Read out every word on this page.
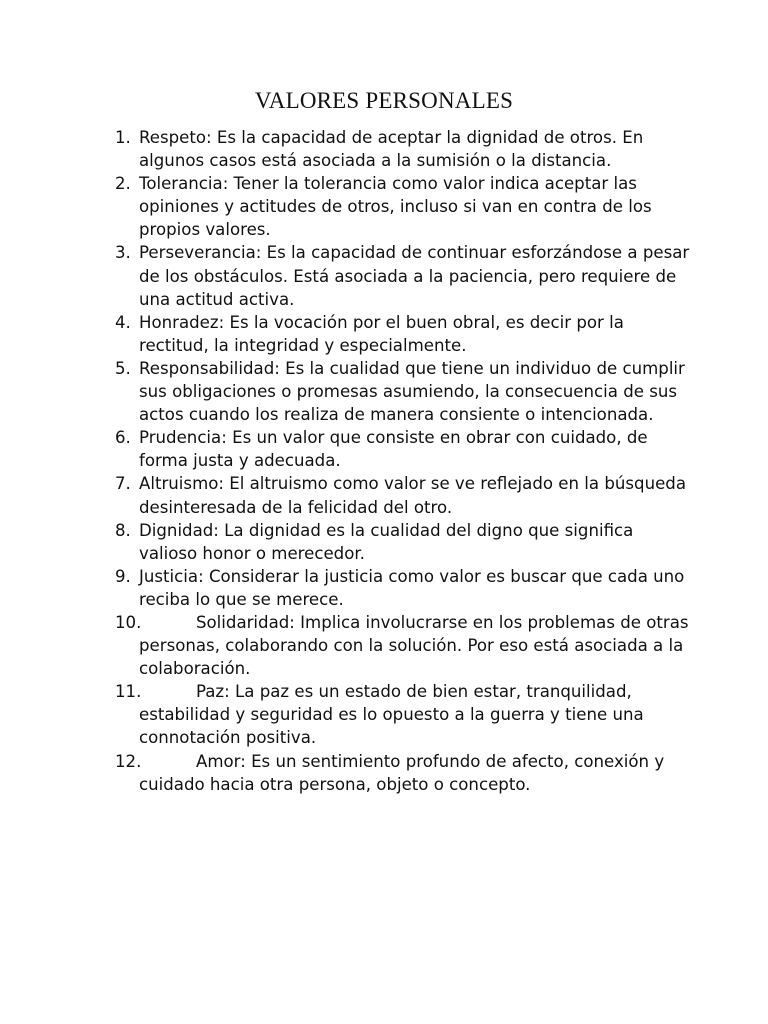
VALORES PERSONALES
1. Respeto: Es la capacidad de aceptar la dignidad de otros. En algunos casos está asociada a la sumisión o la distancia.
2. Tolerancia: Tener la tolerancia como valor indica aceptar las opiniones y actitudes de otros, incluso si van en contra de los propios valores.
3. Perseverancia: Es la capacidad de continuar esforzándose a pesar de los obstáculos. Está asociada a la paciencia, pero requiere de una actitud activa.
4. Honradez: Es la vocación por el buen obral, es decir por la rectitud, la integridad y especialmente.
5. Responsabilidad: Es la cualidad que tiene un individuo de cumplir sus obligaciones o promesas asumiendo, la consecuencia de sus actos cuando los realiza de manera consiente o intencionada.
6. Prudencia: Es un valor que consiste en obrar con cuidado, de forma justa y adecuada.
7. Altruismo: El altruismo como valor se ve reflejado en la búsqueda desinteresada de la felicidad del otro.
8. Dignidad: La dignidad es la cualidad del digno que significa valioso honor o merecedor.
9. Justicia: Considerar la justicia como valor es buscar que cada uno reciba lo que se merece.
10.	Solidaridad: Implica involucrarse en los problemas de otras personas, colaborando con la solución. Por eso está asociada a la colaboración.
11.	Paz: La paz es un estado de bien estar, tranquilidad, estabilidad y seguridad es lo opuesto a la guerra y tiene una connotación positiva.
12.	Amor: Es un sentimiento profundo de afecto, conexión y cuidado hacia otra persona, objeto o concepto.
